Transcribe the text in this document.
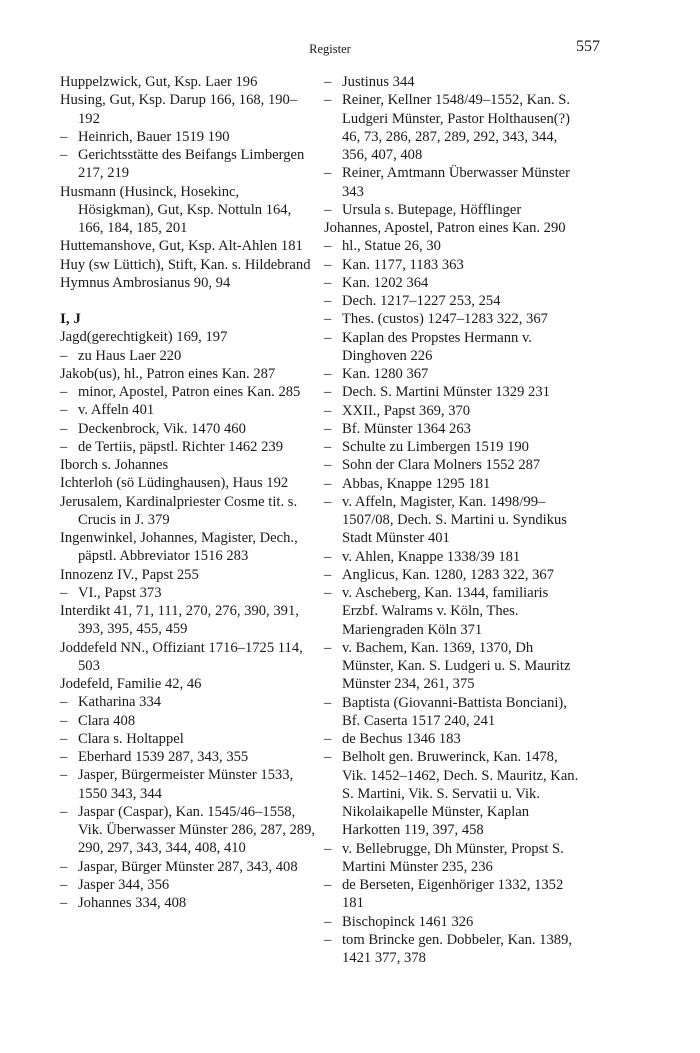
Register	557
Huppelzwick, Gut, Ksp. Laer 196
Husing, Gut, Ksp. Darup 166, 168, 190–192
– Heinrich, Bauer 1519 190
– Gerichtsstätte des Beifangs Limbergen 217, 219
Husmann (Husinck, Hosekinc, Hösigkman), Gut, Ksp. Nottuln 164, 166, 184, 185, 201
Huttemanshove, Gut, Ksp. Alt-Ahlen 181
Huy (sw Lüttich), Stift, Kan. s. Hildebrand
Hymnus Ambrosianus 90, 94
I, J
Jagd(gerechtigkeit) 169, 197
– zu Haus Laer 220
Jakob(us), hl., Patron eines Kan. 287
– minor, Apostel, Patron eines Kan. 285
– v. Affeln 401
– Deckenbrock, Vik. 1470 460
– de Tertiis, päpstl. Richter 1462 239
Iborch s. Johannes
Ichterloh (sö Lüdinghausen), Haus 192
Jerusalem, Kardinalpriester Cosme tit. s. Crucis in J. 379
Ingenwinkel, Johannes, Magister, Dech., päpstl. Abbreviator 1516 283
Innozenz IV., Papst 255
– VI., Papst 373
Interdikt 41, 71, 111, 270, 276, 390, 391, 393, 395, 455, 459
Joddefeld NN., Offiziant 1716–1725 114, 503
Jodefeld, Familie 42, 46
– Katharina 334
– Clara 408
– Clara s. Holtappel
– Eberhard 1539 287, 343, 355
– Jasper, Bürgermeister Münster 1533, 1550 343, 344
– Jaspar (Caspar), Kan. 1545/46–1558, Vik. Überwasser Münster 286, 287, 289, 290, 297, 343, 344, 408, 410
– Jaspar, Bürger Münster 287, 343, 408
– Jasper 344, 356
– Johannes 334, 408
– Justinus 344
– Reiner, Kellner 1548/49–1552, Kan. S. Ludgeri Münster, Pastor Holthausen(?) 46, 73, 286, 287, 289, 292, 343, 344, 356, 407, 408
– Reiner, Amtmann Überwasser Münster 343
– Ursula s. Butepage, Höfflinger
Johannes, Apostel, Patron eines Kan. 290
– hl., Statue 26, 30
– Kan. 1177, 1183 363
– Kan. 1202 364
– Dech. 1217–1227 253, 254
– Thes. (custos) 1247–1283 322, 367
– Kaplan des Propstes Hermann v. Dinghoven 226
– Kan. 1280 367
– Dech. S. Martini Münster 1329 231
– XXII., Papst 369, 370
– Bf. Münster 1364 263
– Schulte zu Limbergen 1519 190
– Sohn der Clara Molners 1552 287
– Abbas, Knappe 1295 181
– v. Affeln, Magister, Kan. 1498/99–1507/08, Dech. S. Martini u. Syndikus Stadt Münster 401
– v. Ahlen, Knappe 1338/39 181
– Anglicus, Kan. 1280, 1283 322, 367
– v. Ascheberg, Kan. 1344, familiaris Erzbf. Walrams v. Köln, Thes. Mariengraden Köln 371
– v. Bachem, Kan. 1369, 1370, Dh Münster, Kan. S. Ludgeri u. S. Mauritz Münster 234, 261, 375
– Baptista (Giovanni-Battista Bonciani), Bf. Caserta 1517 240, 241
– de Bechus 1346 183
– Belholt gen. Bruwerinck, Kan. 1478, Vik. 1452–1462, Dech. S. Mauritz, Kan. S. Martini, Vik. S. Servatii u. Vik. Nikolaikapelle Münster, Kaplan Harkotten 119, 397, 458
– v. Bellebrugge, Dh Münster, Propst S. Martini Münster 235, 236
– de Berseten, Eigenhöriger 1332, 1352 181
– Bischopinck 1461 326
– tom Brincke gen. Dobbeler, Kan. 1389, 1421 377, 378
